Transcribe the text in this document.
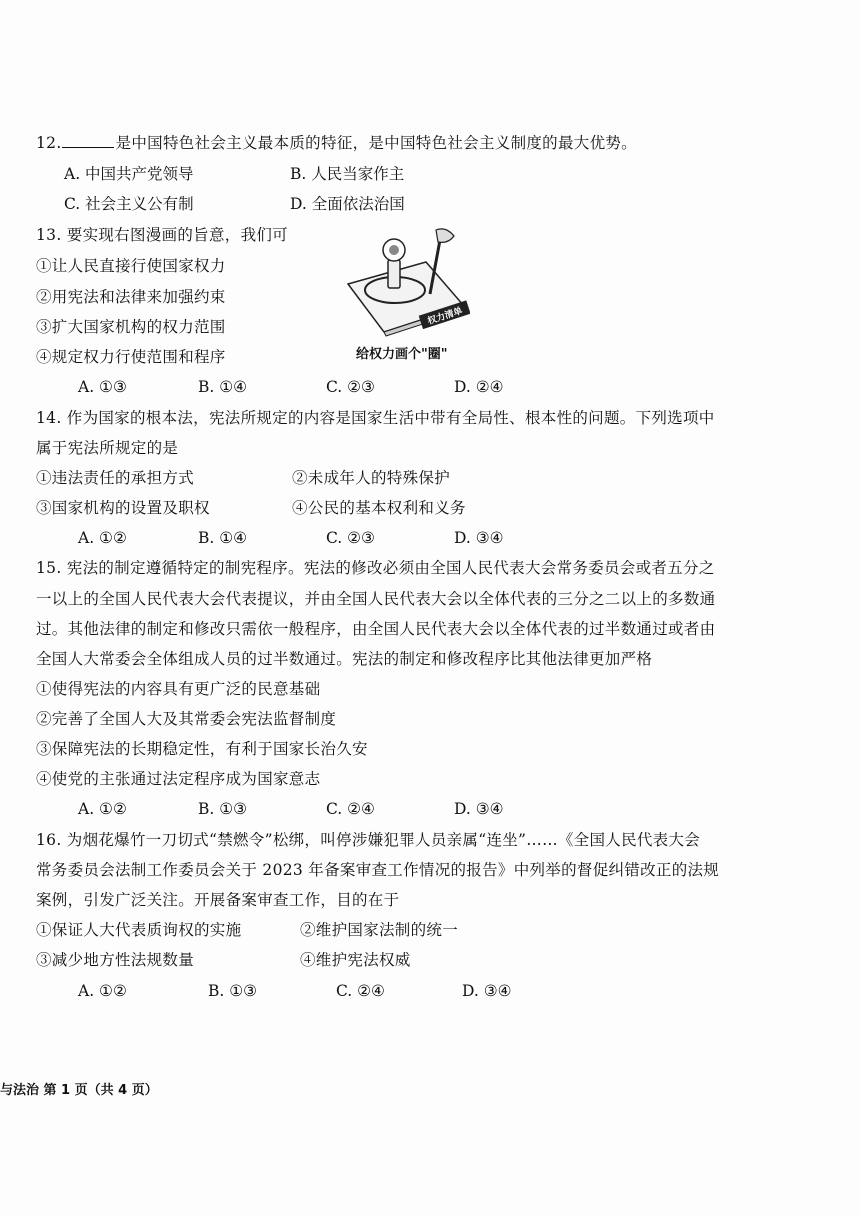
12.	是中国特色社会主义最本质的特征，是中国特色社会主义制度的最大优势。
A. 中国共产党领导	B. 人民当家作主
C. 社会主义公有制	D. 全面依法治国
13. 要实现右图漫画的旨意，我们可
①让人民直接行使国家权力
②用宪法和法律来加强约束
③扩大国家机构的权力范围
④规定权力行使范围和程序
权力清单
给权力画个"圈"
A. ①③	B. ①④	C. ②③	D. ②④
14. 作为国家的根本法，宪法所规定的内容是国家生活中带有全局性、根本性的问题。下列选项中
属于宪法所规定的是
①违法责任的承担方式	②未成年人的特殊保护
③国家机构的设置及职权	④公民的基本权利和义务
A. ①②	B. ①④	C. ②③	D. ③④
15. 宪法的制定遵循特定的制宪程序。宪法的修改必须由全国人民代表大会常务委员会或者五分之
一以上的全国人民代表大会代表提议，并由全国人民代表大会以全体代表的三分之二以上的多数通
过。其他法律的制定和修改只需依一般程序，由全国人民代表大会以全体代表的过半数通过或者由
全国人大常委会全体组成人员的过半数通过。宪法的制定和修改程序比其他法律更加严格
①使得宪法的内容具有更广泛的民意基础
②完善了全国人大及其常委会宪法监督制度
③保障宪法的长期稳定性，有利于国家长治久安
④使党的主张通过法定程序成为国家意志
A. ①②	B. ①③	C. ②④	D. ③④
16. 为烟花爆竹一刀切式“禁燃令”松绑，叫停涉嫌犯罪人员亲属“连坐”……《全国人民代表大会
常务委员会法制工作委员会关于 2023 年备案审查工作情况的报告》中列举的督促纠错改正的法规
案例，引发广泛关注。开展备案审查工作，目的在于
①保证人大代表质询权的实施	②维护国家法制的统一
③减少地方性法规数量	④维护宪法权威
A. ①②	B. ①③	C. ②④	D. ③④
与法治 第 1 页（共 4 页）
